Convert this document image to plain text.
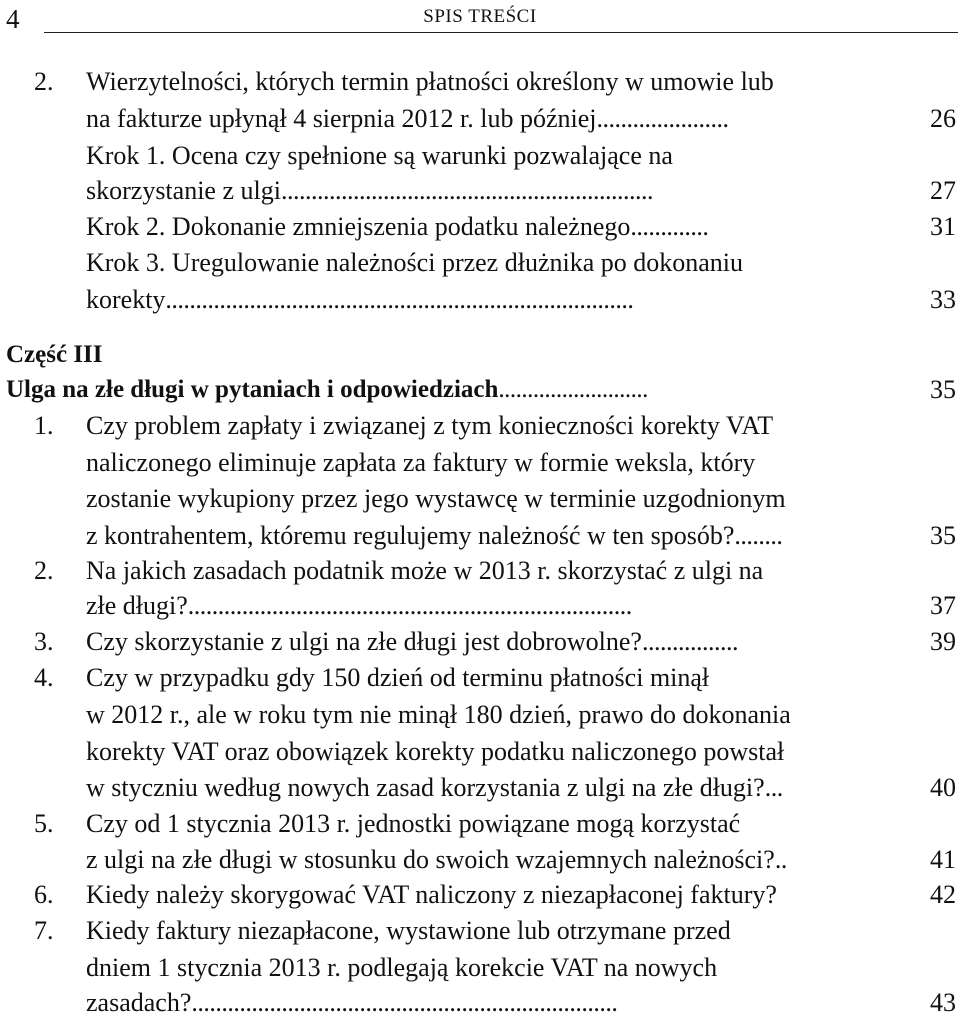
4	SPIS TREŚCI
2. Wierzytelności, których termin płatności określony w umowie lub
na fakturze upłynął 4 sierpnia 2012 r. lub później......................	26
Krok 1. Ocena czy spełnione są warunki pozwalające na
skorzystanie z ulgi..............................................................	27
Krok 2. Dokonanie zmniejszenia podatku należnego.............	31
Krok 3. Uregulowanie należności przez dłużnika po dokonaniu
korekty..............................................................................	33
Część III
Ulga na złe długi w pytaniach i odpowiedziach..........................	35
1. Czy problem zapłaty i związanej z tym konieczności korekty VAT
naliczonego eliminuje zapłata za faktury w formie weksla, który
zostanie wykupiony przez jego wystawcę w terminie uzgodnionym
z kontrahentem, któremu regulujemy należność w ten sposób?........	35
2. Na jakich zasadach podatnik może w 2013 r. skorzystać z ulgi na
złe długi?..........................................................................	37
3. Czy skorzystanie z ulgi na złe długi jest dobrowolne?................	39
4. Czy w przypadku gdy 150 dzień od terminu płatności minął
w 2012 r., ale w roku tym nie minął 180 dzień, prawo do dokonania
korekty VAT oraz obowiązek korekty podatku naliczonego powstał
w styczniu według nowych zasad korzystania z ulgi na złe długi?...	40
5. Czy od 1 stycznia 2013 r. jednostki powiązane mogą korzystać
z ulgi na złe długi w stosunku do swoich wzajemnych należności?..	41
6. Kiedy należy skorygować VAT naliczony z niezapłaconej faktury?	42
7. Kiedy faktury niezapłacone, wystawione lub otrzymane przed
dniem 1 stycznia 2013 r. podlegają korekcie VAT na nowych
zasadach?.......................................................................	43
